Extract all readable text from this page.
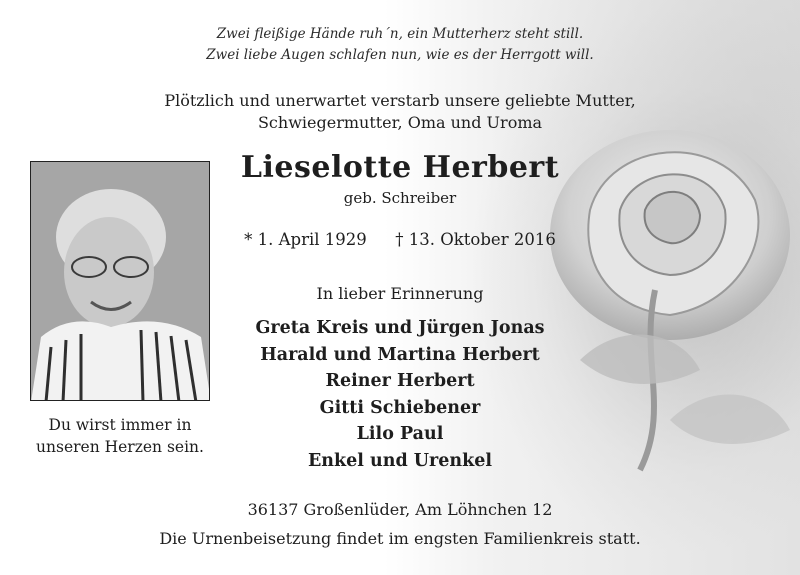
Zwei fleißige Hände ruh´n, ein Mutterherz steht still.
Zwei liebe Augen schlafen nun, wie es der Herrgott will.
Plötzlich und unerwartet verstarb unsere geliebte Mutter,
Schwiegermutter, Oma und Uroma
Du wirst immer in
unseren Herzen sein.
Lieselotte Herbert
geb. Schreiber
* 1. April 1929 † 13. Oktober 2016
In lieber Erinnerung
Greta Kreis und Jürgen Jonas
Harald und Martina Herbert
Reiner Herbert
Gitti Schiebener
Lilo Paul
Enkel und Urenkel
36137 Großenlüder, Am Löhnchen 12
Die Urnenbeisetzung findet im engsten Familienkreis statt.
